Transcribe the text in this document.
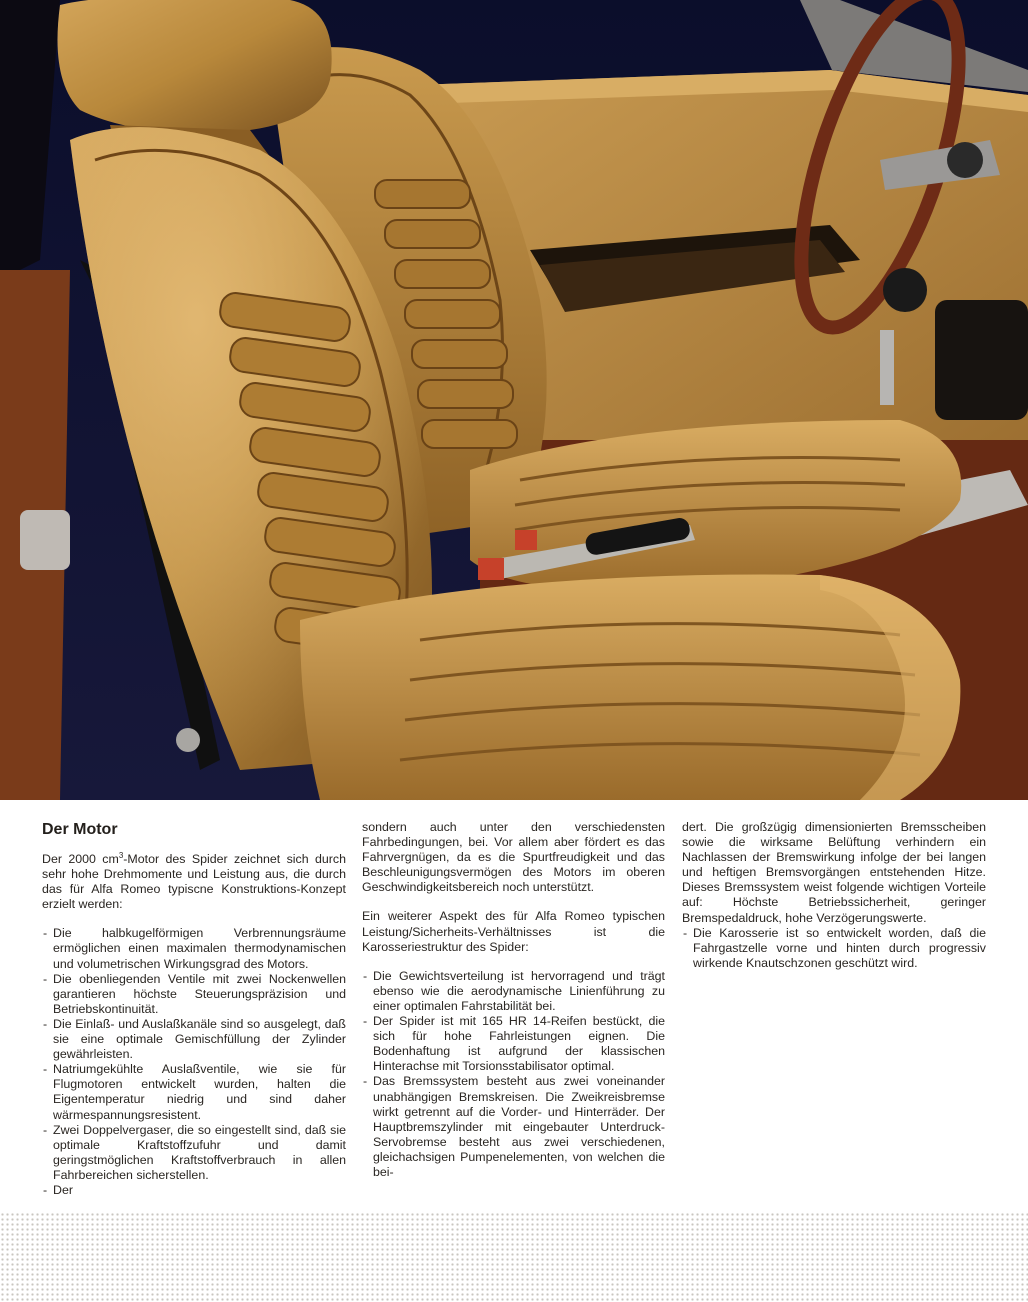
Der Motor

Der 2000 $cm^3$-Motor des Spider zeichnet sich durch sehr hohe Drehmomente und Leistung aus, die durch das für Alfa Romeo typiscne Konstruktions-Konzept erzielt werden:

- Die halbkugelförmigen Verbrennungsräume ermöglichen einen maximalen thermodynamischen und volumetrischen Wirkungsgrad des Motors.
- Die obenliegenden Ventile mit zwei Nockenwellen garantieren höchste Steuerungspräzision und Betriebskontinuität.
- Die Einlaß- und Auslaßkanäle sind so ausgelegt, daß sie eine optimale Gemischfüllung der Zylinder gewährleisten.
- Natriumgekühlte Auslaßventile, wie sie für Flugmotoren entwickelt wurden, halten die Eigentemperatur niedrig und sind daher wärmespannungsresistent.
- Zwei Doppelvergaser, die so eingestellt sind, daß sie optimale Kraftstoffzufuhr und damit geringstmöglichen Kraftstoffverbrauch in allen Fahrbereichen sicherstellen.
- Der

sondern auch unter den verschiedensten Fahrbedingungen, bei. Vor allem aber fördert es das Fahrvergnügen, da es die Spurtfreudigkeit und das Beschleunigungsvermögen des Motors im oberen Geschwindigkeitsbereich noch unterstützt.

Ein weiterer Aspekt des für Alfa Romeo typischen Leistung/Sicherheits-Verhältnisses ist die Karosseriestruktur des Spider:

- Die Gewichtsverteilung ist hervorragend und trägt ebenso wie die aerodynamische Linienführung zu einer optimalen Fahrstabilität bei.
- Der Spider ist mit 165 HR 14-Reifen bestückt, die sich für hohe Fahrleistungen eignen. Die Bodenhaftung ist aufgrund der klassischen Hinterachse mit Torsionsstabilisator optimal.
- Das Bremssystem besteht aus zwei voneinander unabhängigen Bremskreisen. Die Zweikreisbremse wirkt getrennt auf die Vorder- und Hinterräder. Der Hauptbremszylinder mit eingebauter Unterdruck-Servobremse besteht aus zwei verschiedenen, gleichachsigen Pumpenelementen, von welchen die bei-

dert. Die großzügig dimensionierten Bremsscheiben sowie die wirksame Belüftung verhindern ein Nachlassen der Bremswirkung infolge der bei langen und heftigen Bremsvorgängen entstehenden Hitze. Dieses Bremssystem weist folgende wichtigen Vorteile auf: Höchste Betriebssicherheit, geringer Bremspedaldruck, hohe Verzögerungswerte.

- Die Karosserie ist so entwickelt worden, daß die Fahrgastzelle vorne und hinten durch progressiv wirkende Knautschzonen geschützt wird.
